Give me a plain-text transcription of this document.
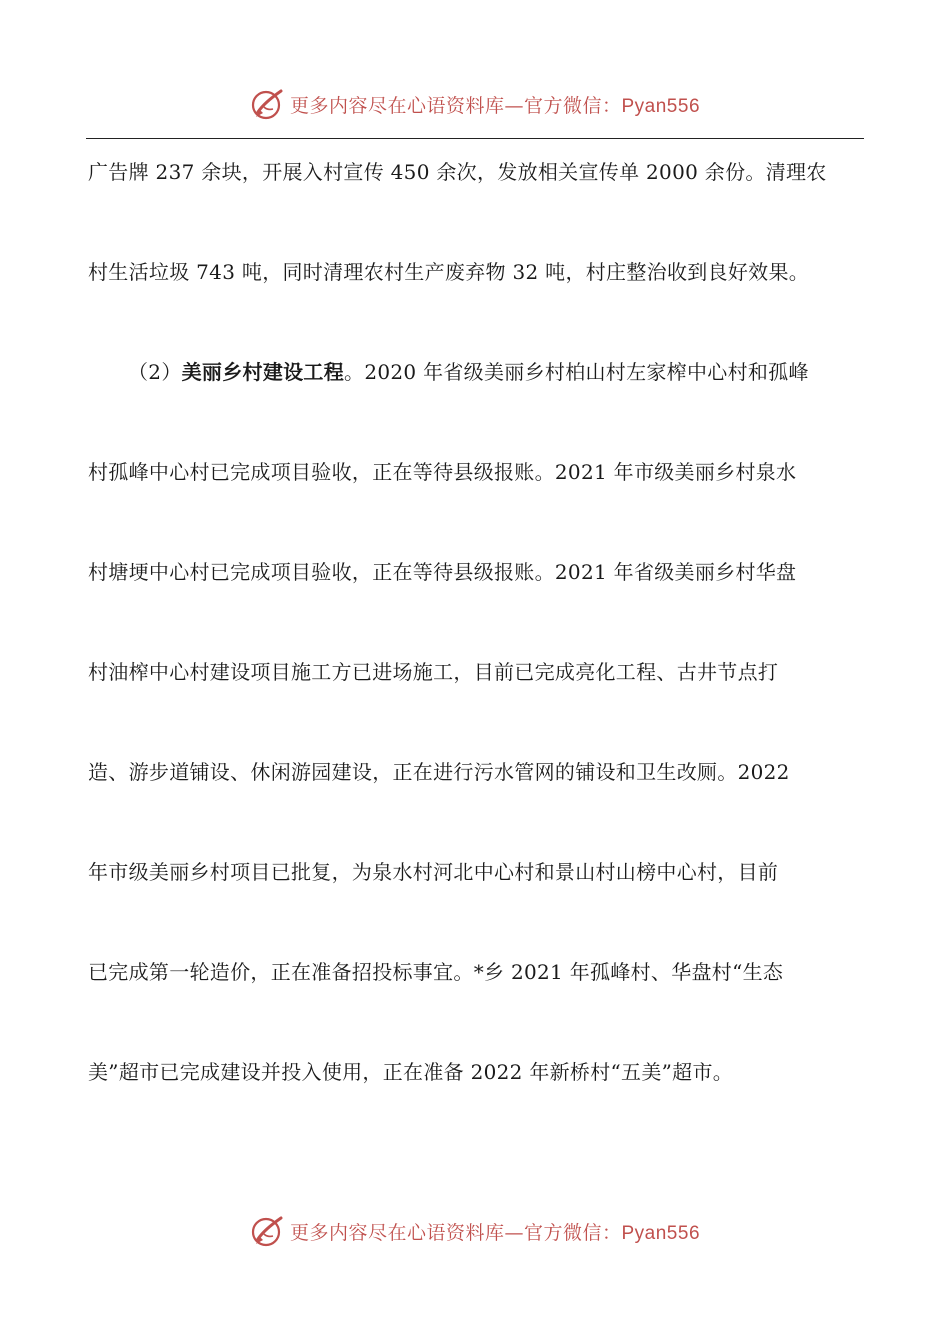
更多内容尽在心语资料库—官方微信：Pyan556
广告牌 237 余块，开展入村宣传 450 余次，发放相关宣传单 2000 余份。清理农
村生活垃圾 743 吨，同时清理农村生产废弃物 32 吨，村庄整治收到良好效果。
（2） 美丽乡村建设工程 。2020 年省级美丽乡村柏山村左家榨中心村和孤峰
村孤峰中心村已完成项目验收，正在等待县级报账。2021 年市级美丽乡村泉水
村塘埂中心村已完成项目验收，正在等待县级报账。2021 年省级美丽乡村华盘
村油榨中心村建设项目施工方已进场施工，目前已完成亮化工程、古井节点打
造、游步道铺设、休闲游园建设，正在进行污水管网的铺设和卫生改厕。2022
年市级美丽乡村项目已批复，为泉水村河北中心村和景山村山榜中心村，目前
已完成第一轮造价，正在准备招投标事宜。*乡 2021 年孤峰村、华盘村“生态
美”超市已完成建设并投入使用，正在准备 2022 年新桥村“五美”超市。
更多内容尽在心语资料库—官方微信：Pyan556
